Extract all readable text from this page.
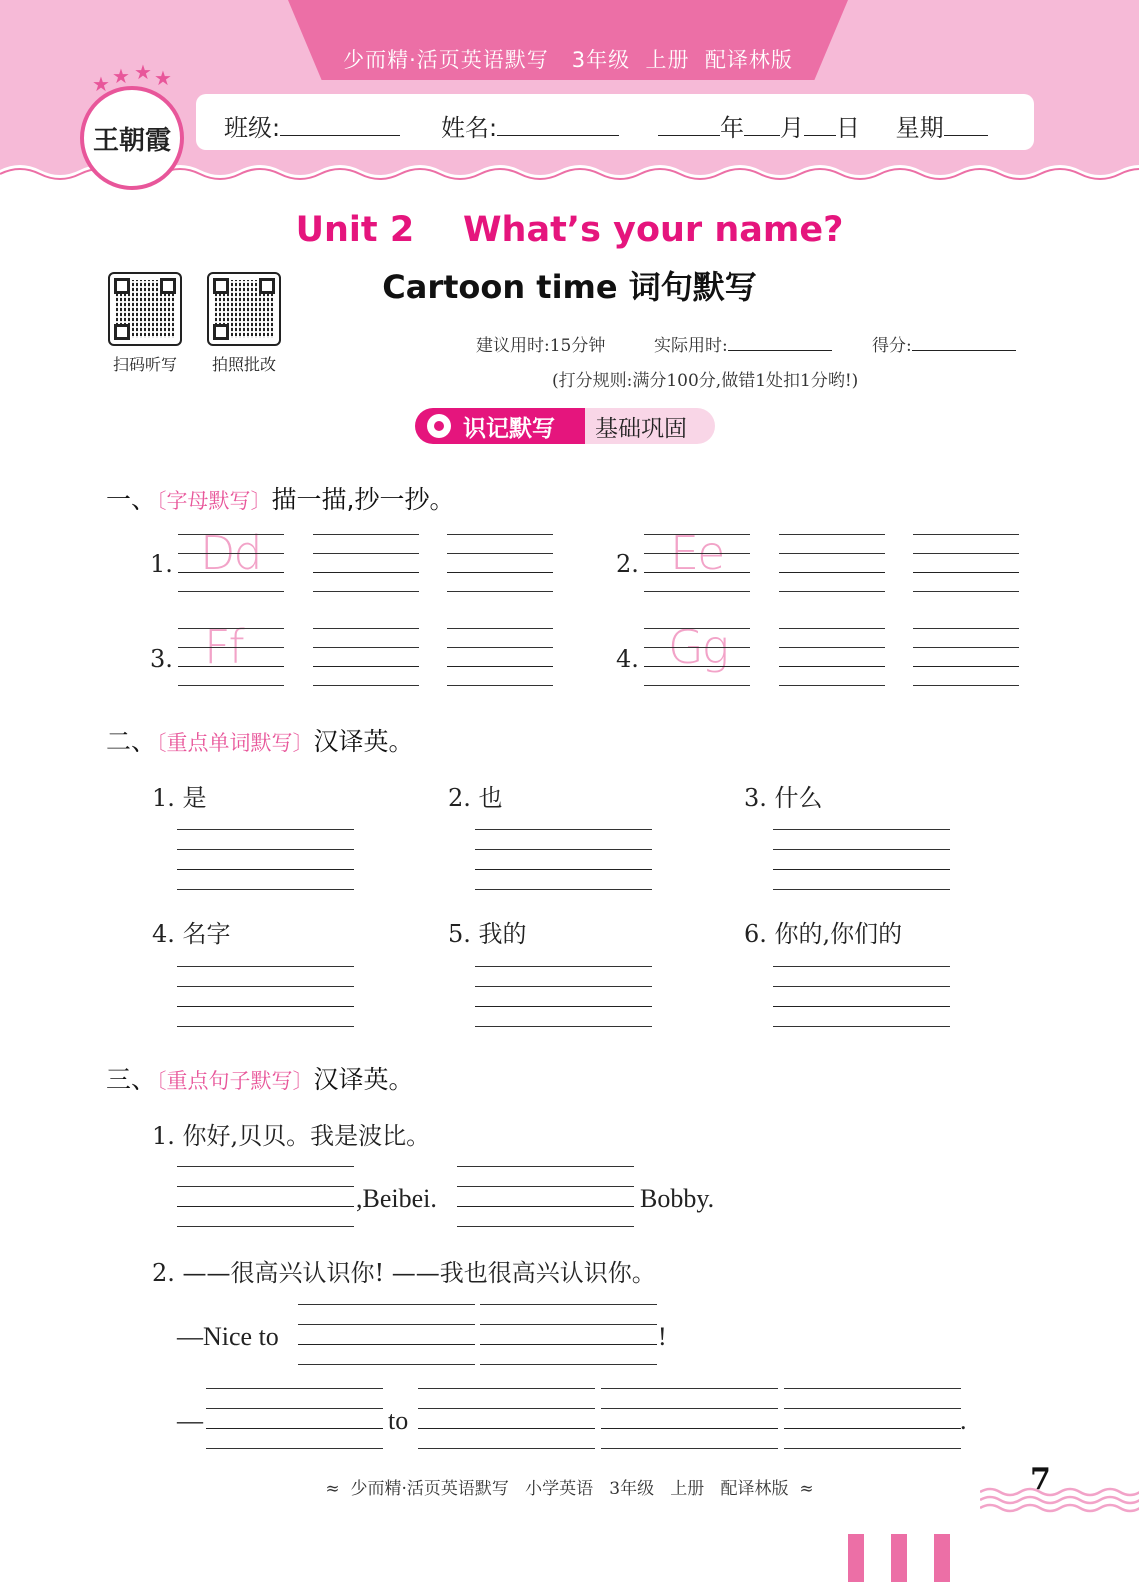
少而精·活页英语默写   3年级  上册  配译林版
班级:	姓名:	年 月 日 星期
★ ★ ★ ★
王朝霞
Unit 2    What’s your name?
Cartoon time 词句默写
扫码听写	拍照批改
建议用时:15分钟	实际用时:	得分:
(打分规则:满分100分,做错1处扣1分哟!)
识记默写 基础巩固
一、〔字母默写〕描一描,抄一抄。
1.	2.
3.	4.
Dd	Ee
Ff	Gg
二、〔重点单词默写〕汉译英。
1. 是	2. 也	3. 什么
4. 名字	5. 我的	6. 你的,你们的
三、〔重点句子默写〕汉译英。
1. 你好,贝贝。我是波比。
,Beibei.	Bobby.
2. ——很高兴认识你! ——我也很高兴认识你。
—Nice to	!
—	to	.
≈  少而精·活页英语默写   小学英语   3年级   上册   配译林版  ≈	7
